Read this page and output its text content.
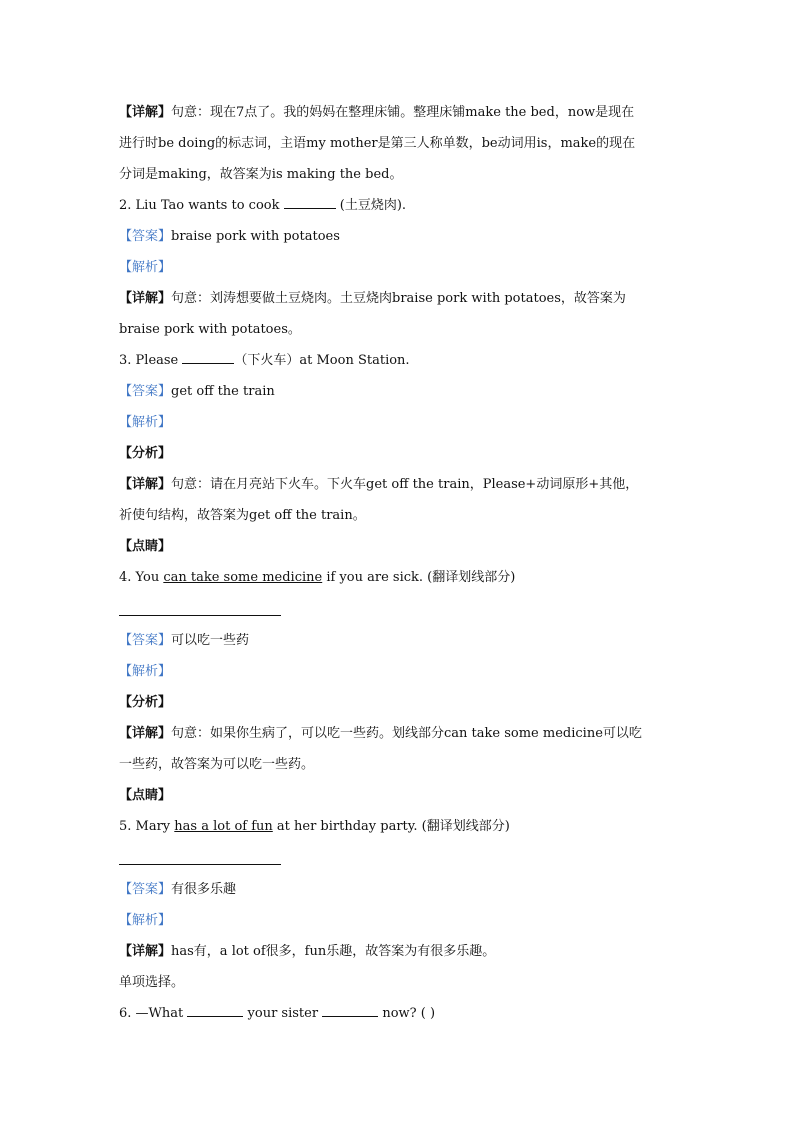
【详解】句意：现在7点了。我的妈妈在整理床铺。整理床铺make the bed，now是现在
进行时be doing的标志词，主语my mother是第三人称单数，be动词用is，make的现在
分词是making，故答案为is making the bed。
2. Liu Tao wants to cook	(土豆烧肉).
【答案】braise pork with potatoes
【解析】
【详解】句意：刘涛想要做土豆烧肉。土豆烧肉braise pork with potatoes，故答案为
braise pork with potatoes。
3. Please	（下火车）at Moon Station.
【答案】get off the train
【解析】
【分析】
【详解】句意：请在月亮站下火车。下火车get off the train，Please+动词原形+其他，
祈使句结构，故答案为get off the train。
【点睛】
4. You can take some medicine if you are sick. (翻译划线部分)
【答案】可以吃一些药
【解析】
【分析】
【详解】句意：如果你生病了，可以吃一些药。划线部分can take some medicine可以吃
一些药，故答案为可以吃一些药。
【点睛】
5. Mary has a lot of fun at her birthday party. (翻译划线部分)
【答案】有很多乐趣
【解析】
【详解】has有，a lot of很多，fun乐趣，故答案为有很多乐趣。
单项选择。
6. —What	your sister	now? ( )
